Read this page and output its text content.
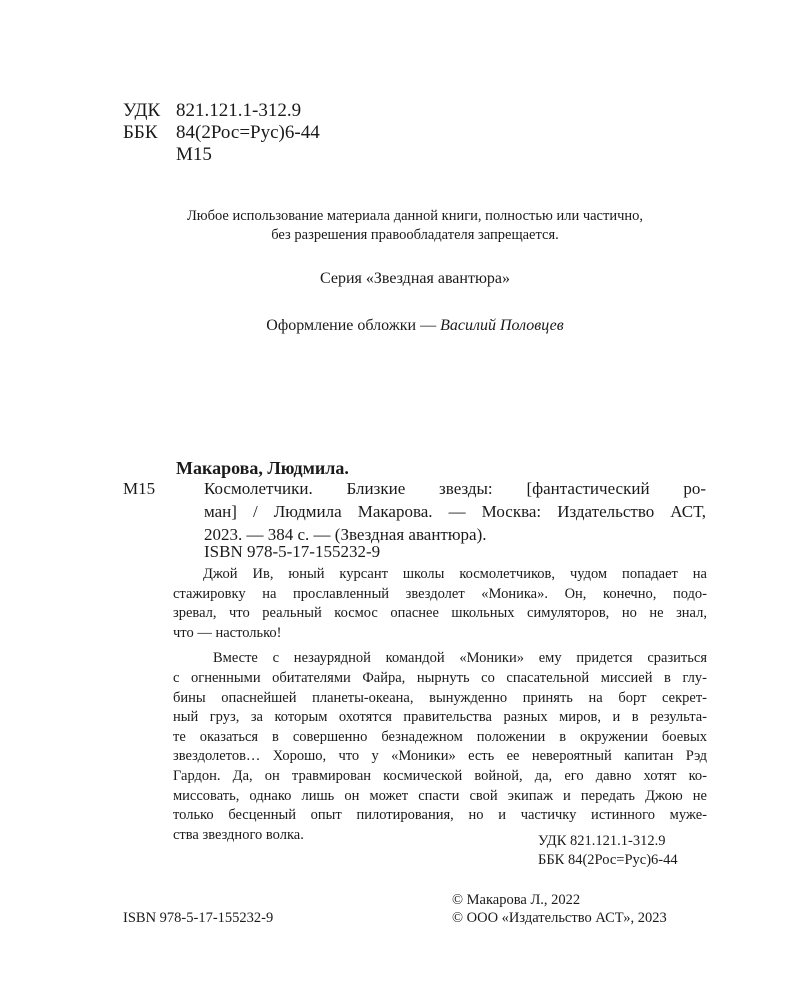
УДК 821.121.1-312.9
ББК 84(2Рос=Рус)6-44
М15
Любое использование материала данной книги, полностью или частично,
без разрешения правообладателя запрещается.
Серия «Звездная авантюра»
Оформление обложки — Василий Половцев
Макарова, Людмила.
М15	Космолетчики. Близкие звезды: [фантастический ро-
ман] / Людмила Макарова. — Москва: Издательство АСТ,
2023. — 384 с. — (Звездная авантюра).
ISBN 978-5-17-155232-9
Джой Ив, юный курсант школы космолетчиков, чудом попадает на
стажировку на прославленный звездолет «Моника». Он, конечно, подо-
зревал, что реальный космос опаснее школьных симуляторов, но не знал,
что — настолько!
Вместе с незаурядной командой «Моники» ему придется сразиться
с огненными обитателями Файра, нырнуть со спасательной миссией в глу-
бины опаснейшей планеты-океана, вынужденно принять на борт секрет-
ный груз, за которым охотятся правительства разных миров, и в результа-
те оказаться в совершенно безнадежном положении в окружении боевых
звездолетов… Хорошо, что у «Моники» есть ее невероятный капитан Рэд
Гардон. Да, он травмирован космической войной, да, его давно хотят ко-
миссовать, однако лишь он может спасти свой экипаж и передать Джою не
только бесценный опыт пилотирования, но и частичку истинного муже-
ства звездного волка.	УДК 821.121.1-312.9
ББК 84(2Рос=Рус)6-44
© Макарова Л., 2022
ISBN 978-5-17-155232-9	© ООО «Издательство АСТ», 2023
